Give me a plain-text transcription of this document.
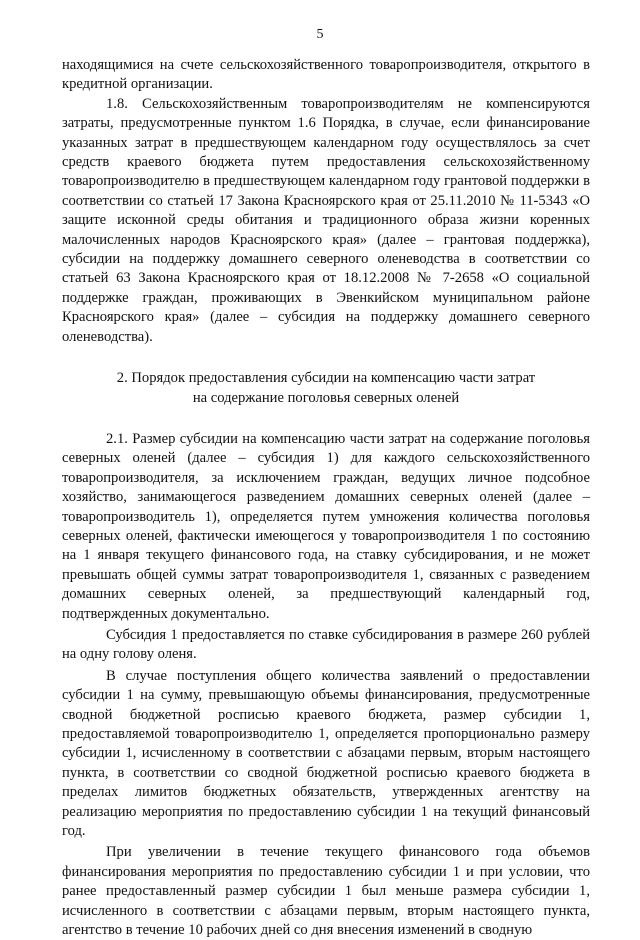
5

находящимися на счете сельскохозяйственного товаропроизводителя, открытого в кредитной организации.

1.8. Сельскохозяйственным товаропроизводителям не компенсируются затраты, предусмотренные пунктом 1.6 Порядка, в случае, если финансирование указанных затрат в предшествующем календарном году осуществлялось за счет средств краевого бюджета путем предоставления сельскохозяйственному товаропроизводителю в предшествующем календарном году грантовой поддержки в соответствии со статьей 17 Закона Красноярского края от 25.11.2010 № 11-5343 «О защите исконной среды обитания и традиционного образа жизни коренных малочисленных народов Красноярского края» (далее – грантовая поддержка), субсидии на поддержку домашнего северного оленеводства в соответствии со статьей 63 Закона Красноярского края от 18.12.2008 № 7-2658 «О социальной поддержке граждан, проживающих в Эвенкийском муниципальном районе Красноярского края» (далее – субсидия на поддержку домашнего северного оленеводства).

2. Порядок предоставления субсидии на компенсацию части затрат
на содержание поголовья северных оленей

2.1. Размер субсидии на компенсацию части затрат на содержание поголовья северных оленей (далее – субсидия 1) для каждого сельскохозяйственного товаропроизводителя, за исключением граждан, ведущих личное подсобное хозяйство, занимающегося разведением домашних северных оленей (далее – товаропроизводитель 1), определяется путем умножения количества поголовья северных оленей, фактически имеющегося у товаропроизводителя 1 по состоянию на 1 января текущего финансового года, на ставку субсидирования, и не может превышать общей суммы затрат товаропроизводителя 1, связанных с разведением домашних северных оленей, за предшествующий календарный год, подтвержденных документально.

Субсидия 1 предоставляется по ставке субсидирования в размере 260 рублей на одну голову оленя.

В случае поступления общего количества заявлений о предоставлении субсидии 1 на сумму, превышающую объемы финансирования, предусмотренные сводной бюджетной росписью краевого бюджета, размер субсидии 1, предоставляемой товаропроизводителю 1, определяется пропорционально размеру субсидии 1, исчисленному в соответствии с абзацами первым, вторым настоящего пункта, в соответствии со сводной бюджетной росписью краевого бюджета в пределах лимитов бюджетных обязательств, утвержденных агентству на реализацию мероприятия по предоставлению субсидии 1 на текущий финансовый год.

При увеличении в течение текущего финансового года объемов финансирования мероприятия по предоставлению субсидии 1 и при условии, что ранее предоставленный размер субсидии 1 был меньше размера субсидии 1, исчисленного в соответствии с абзацами первым, вторым настоящего пункта, агентство в течение 10 рабочих дней со дня внесения изменений в сводную
